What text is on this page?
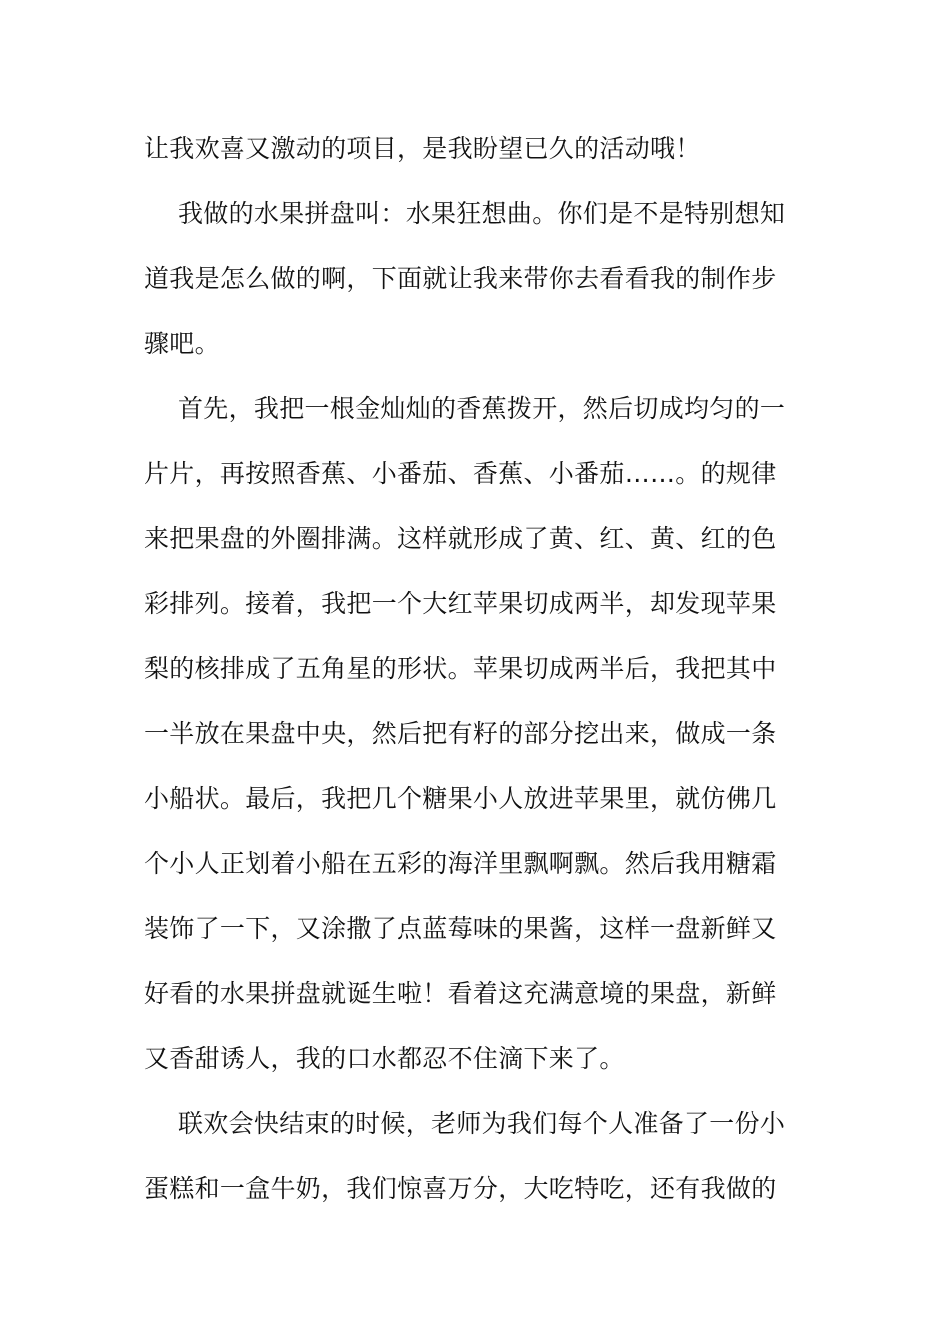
让我欢喜又激动的项目，是我盼望已久的活动哦！
我做的水果拼盘叫：水果狂想曲。你们是不是特别想知
道我是怎么做的啊，下面就让我来带你去看看我的制作步
骤吧。
首先，我把一根金灿灿的香蕉拨开，然后切成均匀的一
片片，再按照香蕉、小番茄、香蕉、小番茄……。的规律
来把果盘的外圈排满。这样就形成了黄、红、黄、红的色
彩排列。接着，我把一个大红苹果切成两半，却发现苹果
梨的核排成了五角星的形状。苹果切成两半后，我把其中
一半放在果盘中央，然后把有籽的部分挖出来，做成一条
小船状。最后，我把几个糖果小人放进苹果里，就仿佛几
个小人正划着小船在五彩的海洋里飘啊飘。然后我用糖霜
装饰了一下，又涂撒了点蓝莓味的果酱，这样一盘新鲜又
好看的水果拼盘就诞生啦！看着这充满意境的果盘，新鲜
又香甜诱人，我的口水都忍不住滴下来了。
联欢会快结束的时候，老师为我们每个人准备了一份小
蛋糕和一盒牛奶，我们惊喜万分，大吃特吃，还有我做的
